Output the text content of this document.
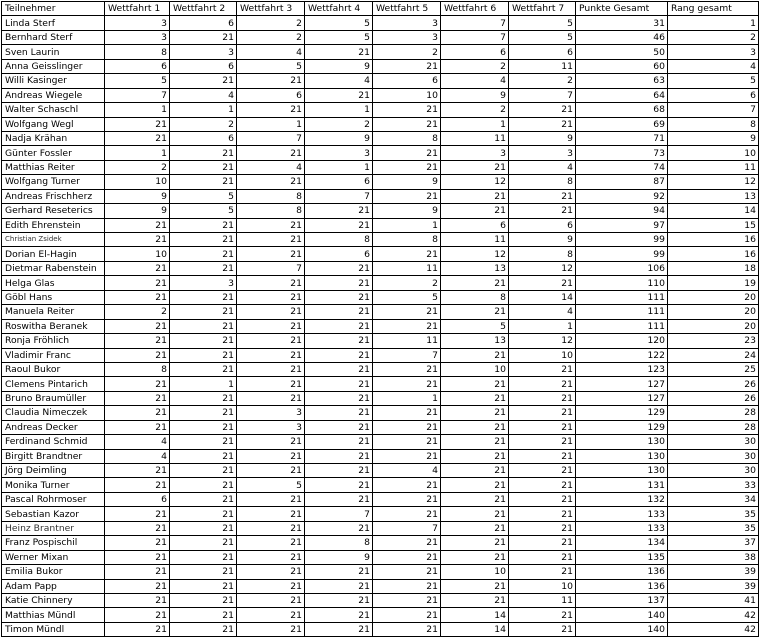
Teilnehmer	Wettfahrt 1	Wettfahrt 2	Wettfahrt 3	Wettfahrt 4	Wettfahrt 5	Wettfahrt 6	Wettfahrt 7	Punkte Gesamt	Rang gesamt
Linda Sterf	3	6	2	5	3	7	5	31	1
Bernhard Sterf	3	21	2	5	3	7	5	46	2
Sven Laurin	8	3	4	21	2	6	6	50	3
Anna Geisslinger	6	6	5	9	21	2	11	60	4
Willi Kasinger	5	21	21	4	6	4	2	63	5
Andreas Wiegele	7	4	6	21	10	9	7	64	6
Walter Schaschl	1	1	21	1	21	2	21	68	7
Wolfgang Wegl	21	2	1	2	21	1	21	69	8
Nadja Krähan	21	6	7	9	8	11	9	71	9
Günter Fossler	1	21	21	3	21	3	3	73	10
Matthias Reiter	2	21	4	1	21	21	4	74	11
Wolfgang Turner	10	21	21	6	9	12	8	87	12
Andreas Frischherz	9	5	8	7	21	21	21	92	13
Gerhard Reseterics	9	5	8	21	9	21	21	94	14
Edith Ehrenstein	21	21	21	21	1	6	6	97	15
Christian Zsidek	21	21	21	8	8	11	9	99	16
Dorian El-Hagin	10	21	21	6	21	12	8	99	16
Dietmar Rabenstein	21	21	7	21	11	13	12	106	18
Helga Glas	21	3	21	21	2	21	21	110	19
Göbl Hans	21	21	21	21	5	8	14	111	20
Manuela Reiter	2	21	21	21	21	21	4	111	20
Roswitha Beranek	21	21	21	21	21	5	1	111	20
Ronja Fröhlich	21	21	21	21	11	13	12	120	23
Vladimir Franc	21	21	21	21	7	21	10	122	24
Raoul Bukor	8	21	21	21	21	10	21	123	25
Clemens Pintarich	21	1	21	21	21	21	21	127	26
Bruno Braumüller	21	21	21	21	1	21	21	127	26
Claudia Nimeczek	21	21	3	21	21	21	21	129	28
Andreas Decker	21	21	3	21	21	21	21	129	28
Ferdinand Schmid	4	21	21	21	21	21	21	130	30
Birgitt Brandtner	4	21	21	21	21	21	21	130	30
Jörg Deimling	21	21	21	21	4	21	21	130	30
Monika Turner	21	21	5	21	21	21	21	131	33
Pascal Rohrmoser	6	21	21	21	21	21	21	132	34
Sebastian Kazor	21	21	21	7	21	21	21	133	35
Heinz Brantner	21	21	21	21	7	21	21	133	35
Franz Pospischil	21	21	21	8	21	21	21	134	37
Werner Mixan	21	21	21	9	21	21	21	135	38
Emilia Bukor	21	21	21	21	21	10	21	136	39
Adam Papp	21	21	21	21	21	21	10	136	39
Katie Chinnery	21	21	21	21	21	21	11	137	41
Matthias Mündl	21	21	21	21	21	14	21	140	42
Timon Mündl	21	21	21	21	21	14	21	140	42
